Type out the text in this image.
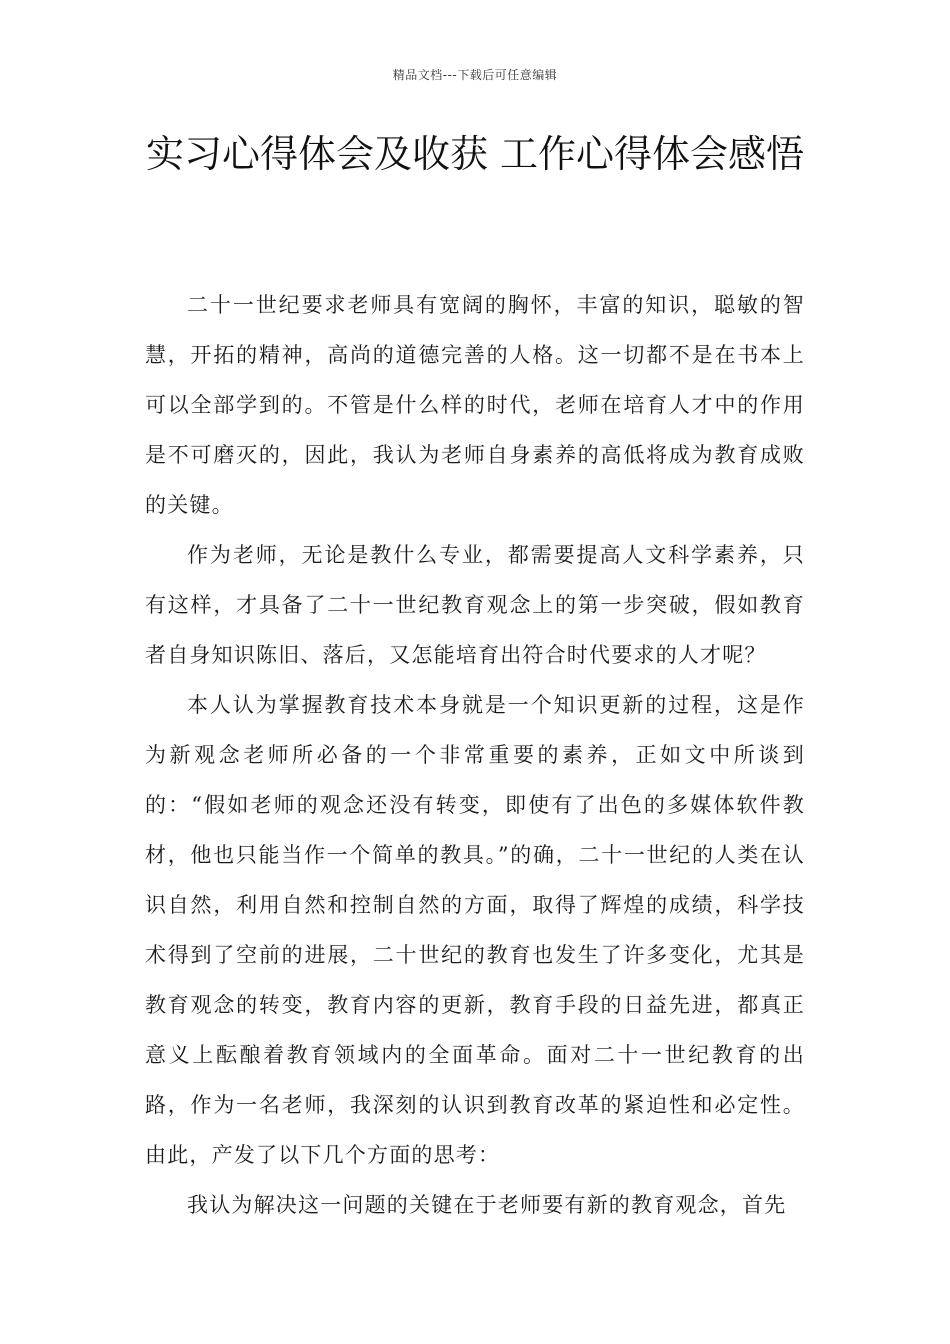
精品文档---下载后可任意编辑
实习心得体会及收获 工作心得体会感悟

二十一世纪要求老师具有宽阔的胸怀，丰富的知识，聪敏的智慧，开拓的精神，高尚的道德完善的人格。这一切都不是在书本上可以全部学到的。不管是什么样的时代，老师在培育人才中的作用是不可磨灭的，因此，我认为老师自身素养的高低将成为教育成败的关键。

作为老师，无论是教什么专业，都需要提高人文科学素养，只有这样，才具备了二十一世纪教育观念上的第一步突破，假如教育者自身知识陈旧、落后，又怎能培育出符合时代要求的人才呢？

本人认为掌握教育技术本身就是一个知识更新的过程，这是作为新观念老师所必备的一个非常重要的素养，正如文中所谈到的：“假如老师的观念还没有转变，即使有了出色的多媒体软件教材，他也只能当作一个简单的教具。”的确，二十一世纪的人类在认识自然，利用自然和控制自然的方面，取得了辉煌的成绩，科学技术得到了空前的进展，二十世纪的教育也发生了许多变化，尤其是教育观念的转变，教育内容的更新，教育手段的日益先进，都真正意义上酝酿着教育领域内的全面革命。面对二十一世纪教育的出路，作为一名老师，我深刻的认识到教育改革的紧迫性和必定性。由此，产发了以下几个方面的思考：

我认为解决这一问题的关键在于老师要有新的教育观念，首先
